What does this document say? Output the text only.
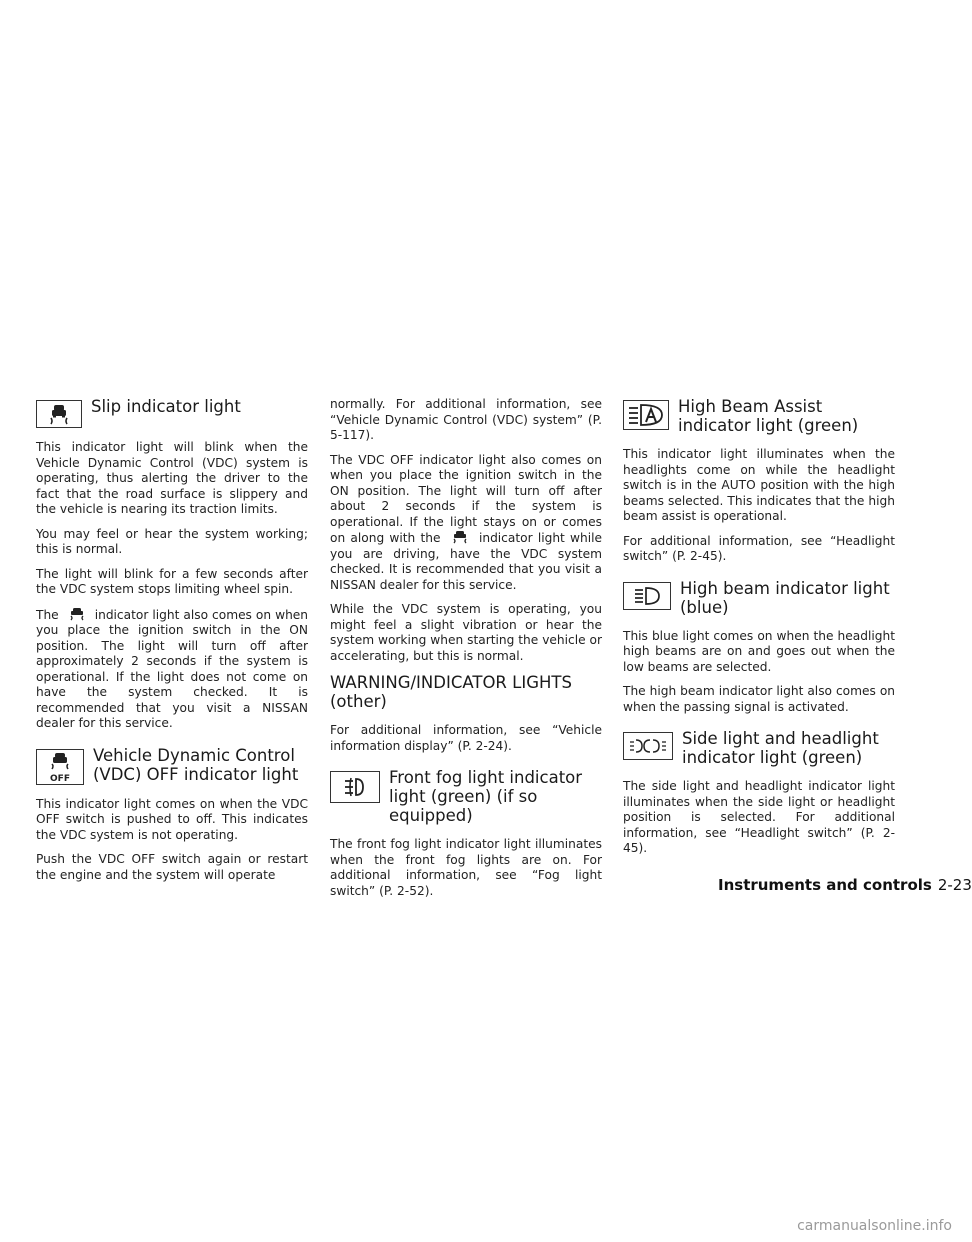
Slip indicator light

This indicator light will blink when the Vehicle Dynamic Control (VDC) system is operating, thus alerting the driver to the fact that the road surface is slippery and the vehicle is nearing its traction limits.

You may feel or hear the system working; this is normal.

The light will blink for a few seconds after the VDC system stops limiting wheel spin.

The	indicator light also comes on when you place the ignition switch in the ON position. The light will turn off after approximately 2 seconds if the system is operational. If the light does not come on have the system checked. It is recommended that you visit a NISSAN dealer for this service.

OFF
Vehicle Dynamic Control (VDC) OFF indicator light

This indicator light comes on when the VDC OFF switch is pushed to off. This indicates the VDC system is not operating.

Push the VDC OFF switch again or restart the engine and the system will operate

normally. For additional information, see “Vehicle Dynamic Control (VDC) system” (P. 5-117).

The VDC OFF indicator light also comes on when you place the ignition switch in the ON position. The light will turn off after about 2 seconds if the system is operational. If the light stays on or comes on along with the	indicator light while you are driving, have the VDC system checked. It is recommended that you visit a NISSAN dealer for this service.

While the VDC system is operating, you might feel a slight vibration or hear the system working when starting the vehicle or accelerating, but this is normal.

WARNING/INDICATOR LIGHTS (other)

For additional information, see “Vehicle information display” (P. 2-24).

Front fog light indicator light (green) (if so equipped)

The front fog light indicator light illuminates when the front fog lights are on. For additional information, see “Fog light switch” (P. 2-52).

High Beam Assist indicator light (green)

This indicator light illuminates when the headlights come on while the headlight switch is in the AUTO position with the high beams selected. This indicates that the high beam assist is operational.

For additional information, see “Headlight switch” (P. 2-45).

High beam indicator light (blue)

This blue light comes on when the headlight high beams are on and goes out when the low beams are selected.

The high beam indicator light also comes on when the passing signal is activated.

Side light and headlight indicator light (green)

The side light and headlight indicator light illuminates when the side light or headlight position is selected. For additional information, see “Headlight switch” (P. 2-45).

Instruments and controls 2-23
carmanualsonline.info
